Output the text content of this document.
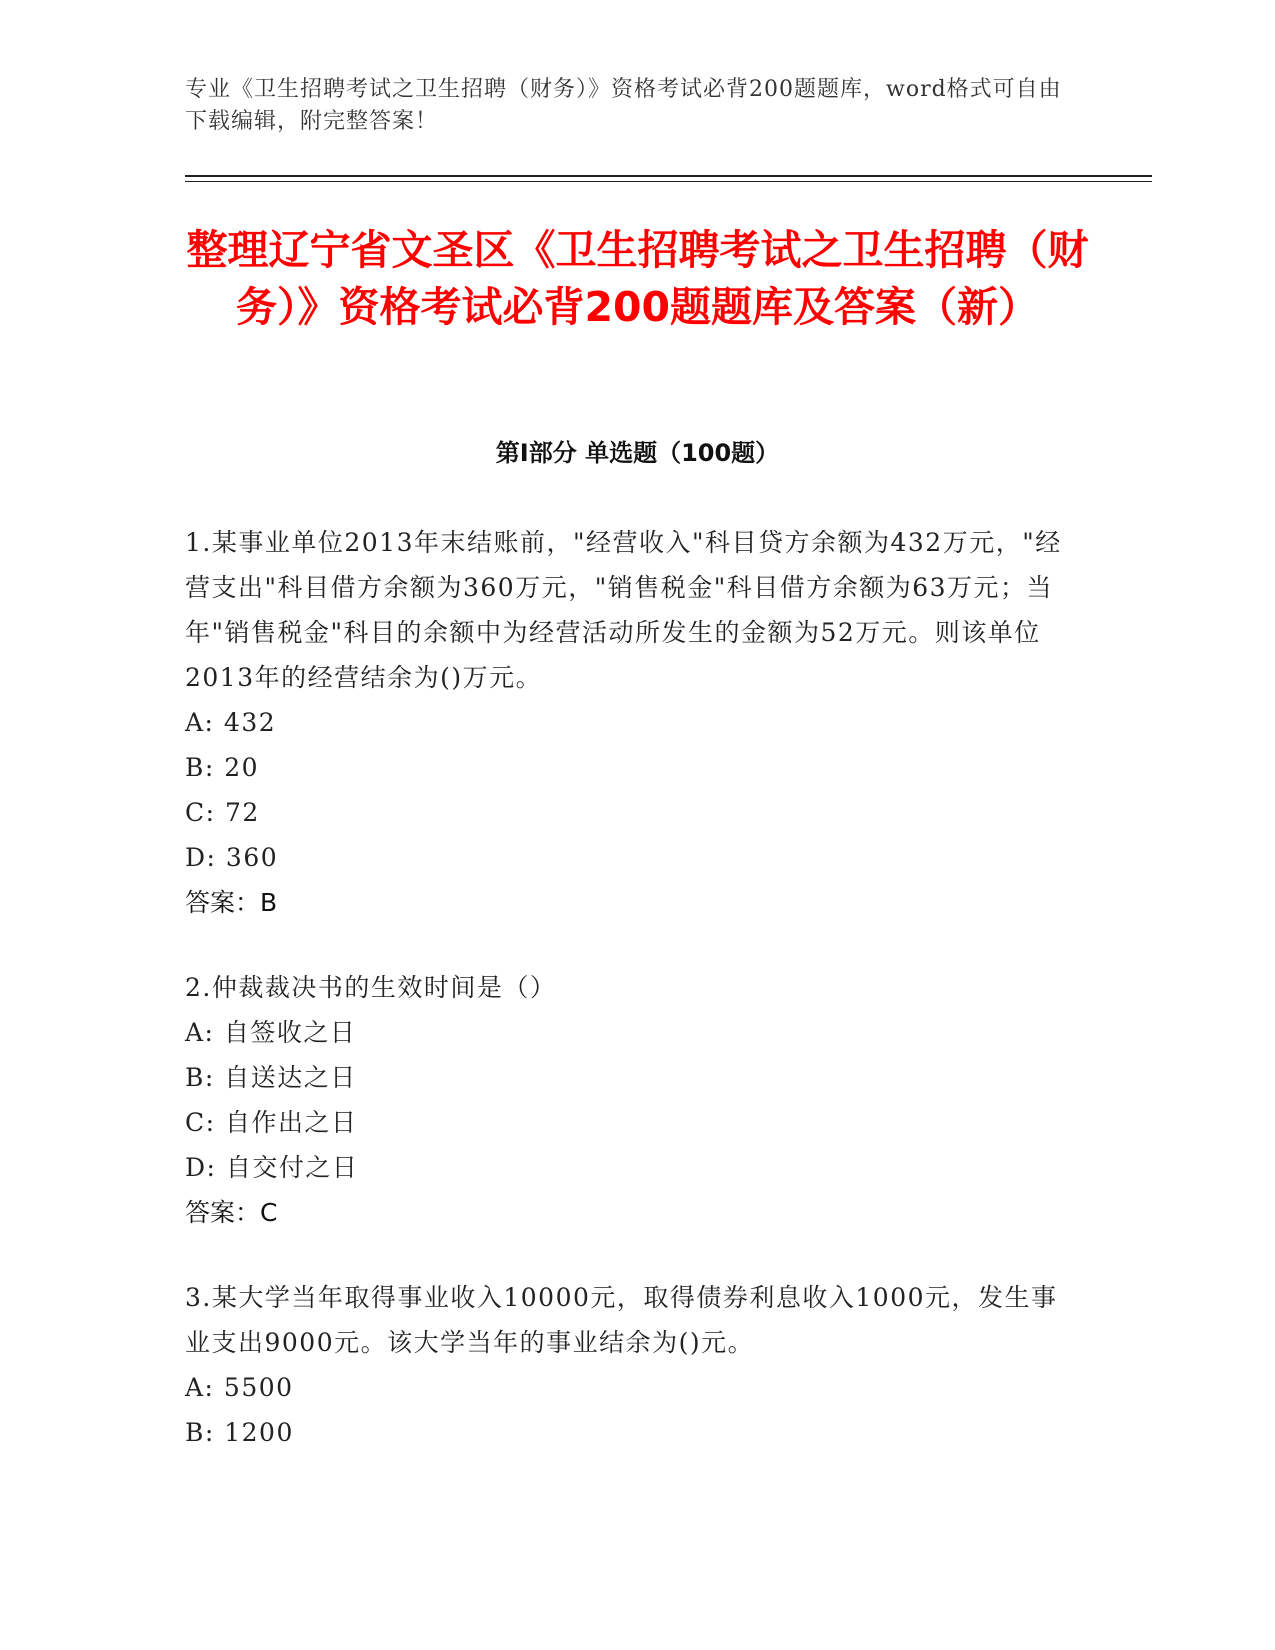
专业《卫生招聘考试之卫生招聘（财务）》资格考试必背200题题库，word格式可自由下载编辑，附完整答案！
整理辽宁省文圣区《卫生招聘考试之卫生招聘（财务）》资格考试必背200题题库及答案（新）
第I部分 单选题（100题）

1.某事业单位2013年末结账前，"经营收入"科目贷方余额为432万元，"经营支出"科目借方余额为360万元，"销售税金"科目借方余额为63万元；当年"销售税金"科目的余额中为经营活动所发生的金额为52万元。则该单位2013年的经营结余为()万元。

A: 432

B: 20

C: 72

D: 360

答案：B

2.仲裁裁决书的生效时间是（）

A: 自签收之日

B: 自送达之日

C: 自作出之日

D: 自交付之日

答案：C

3.某大学当年取得事业收入10000元，取得债券利息收入1000元，发生事业支出9000元。该大学当年的事业结余为()元。

A: 5500

B: 1200
